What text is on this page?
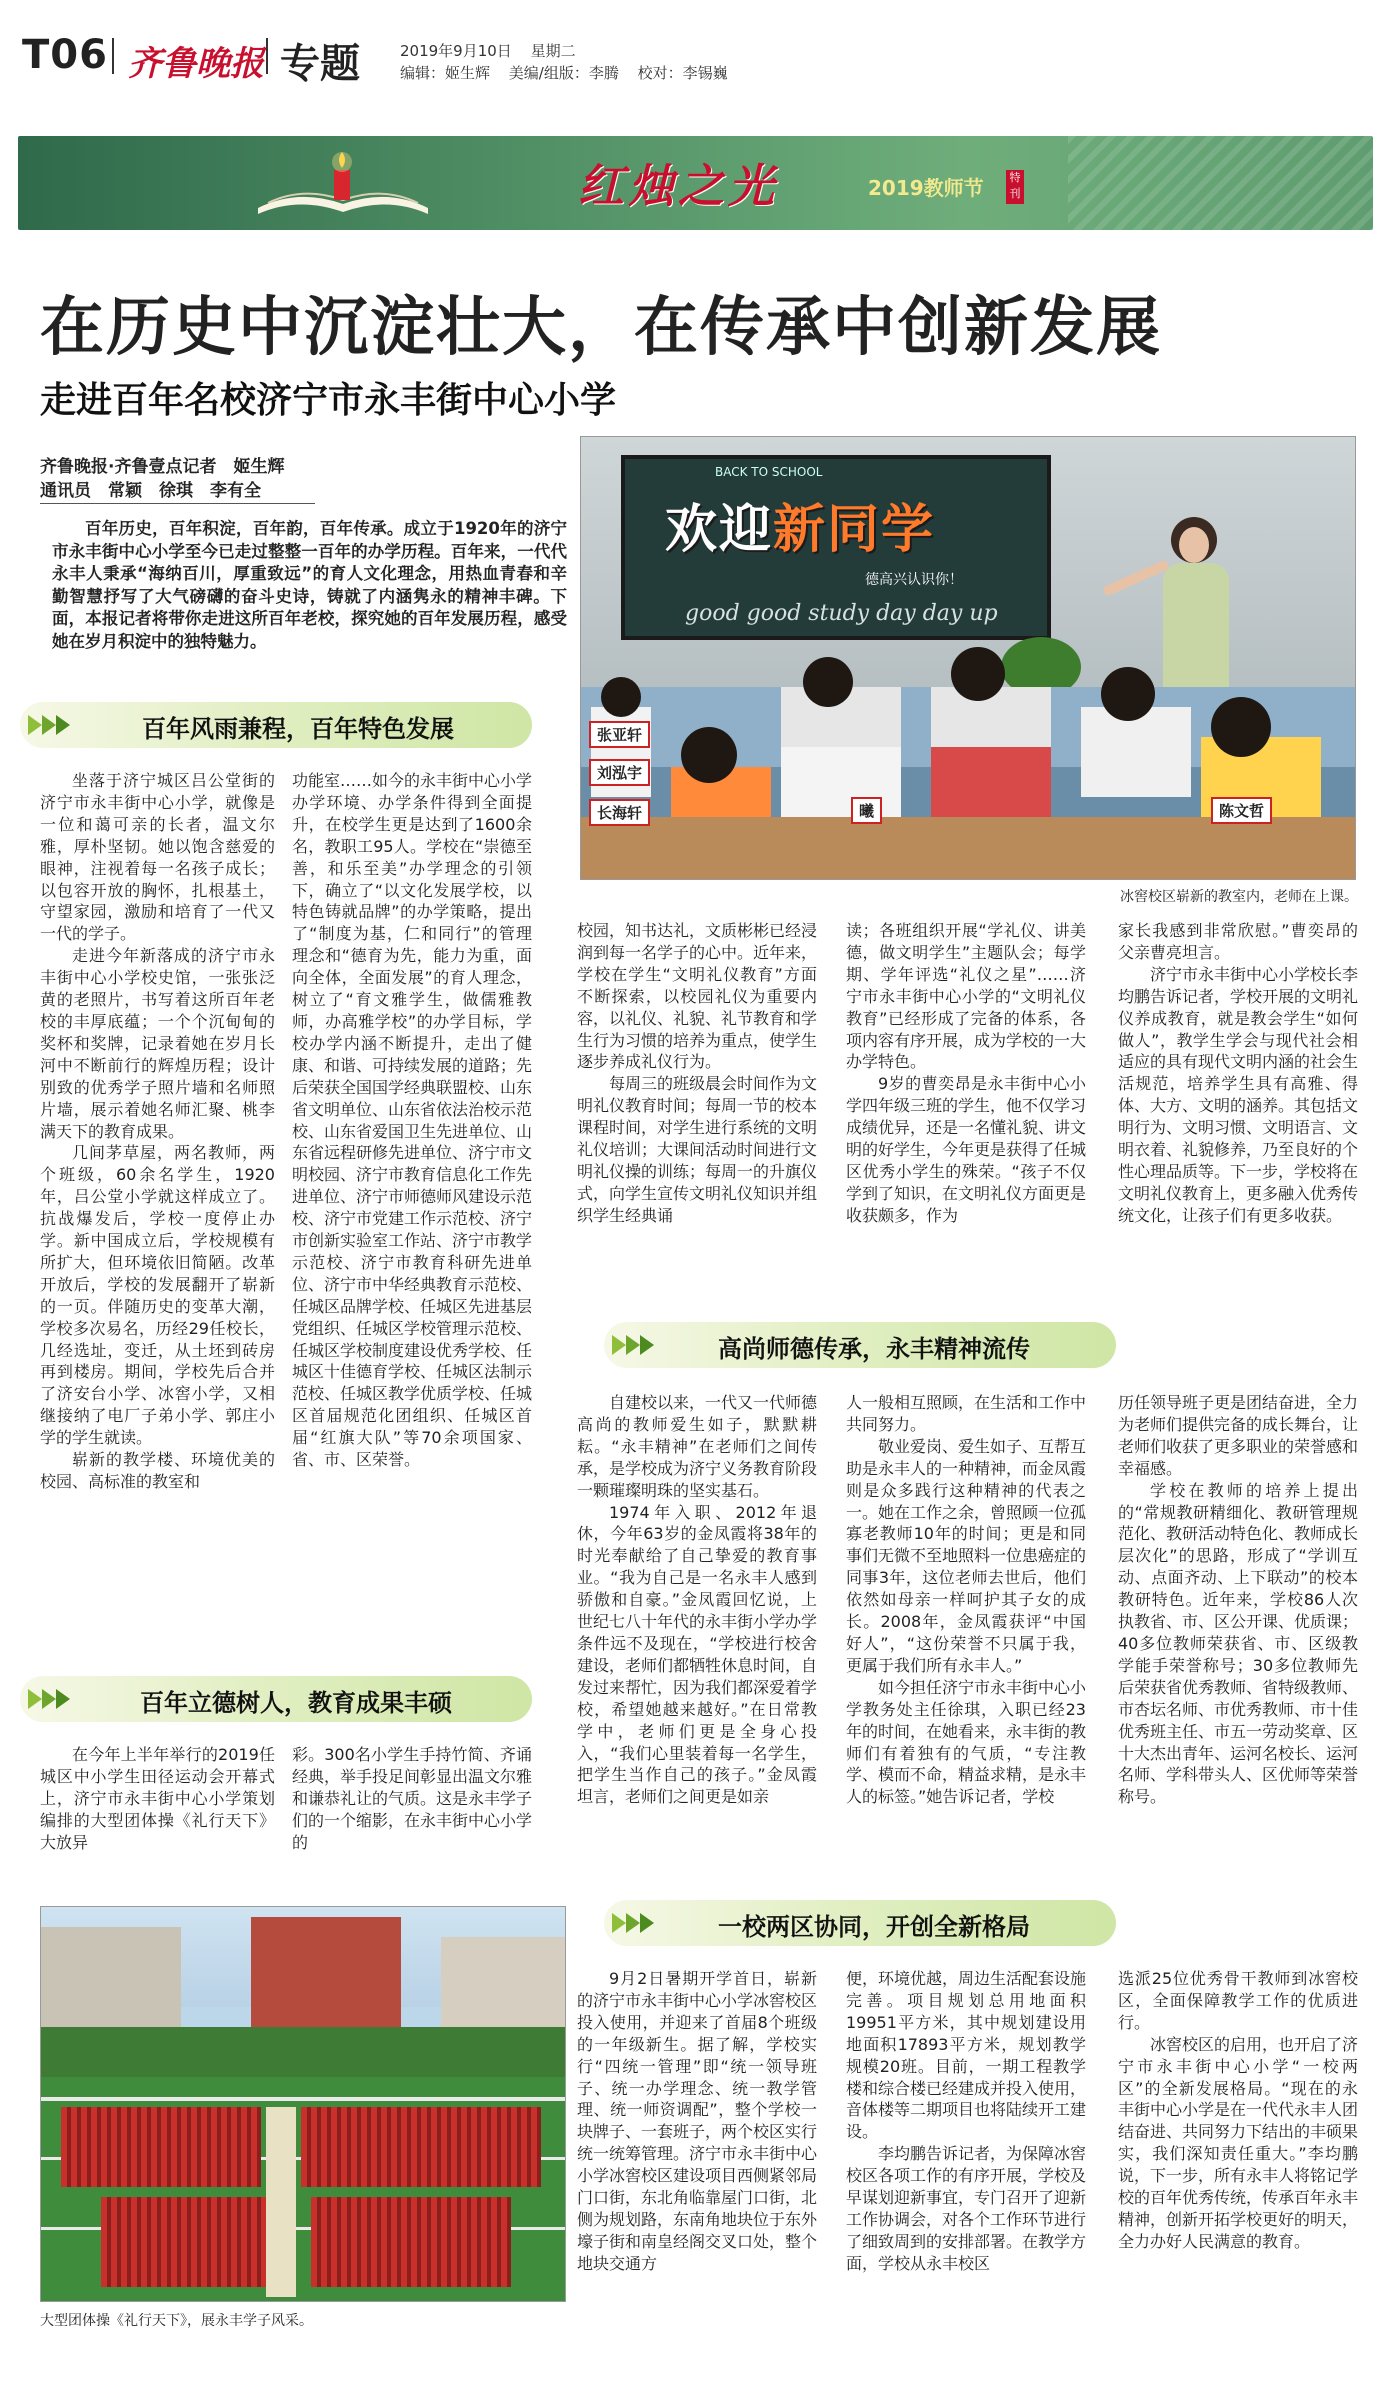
T06 齐鲁晚报 专题	2019年9月10日 星期二
编辑：姬生辉 美编/组版：李腾 校对：李锡巍
红烛之光	2019教师节	特刊
在历史中沉淀壮大，在传承中创新发展
走进百年名校济宁市永丰街中心小学
齐鲁晚报·齐鲁壹点记者　姬生辉
通讯员　常颖　徐琪　李有全
百年历史，百年积淀，百年韵，百年传承。成立于1920年的济宁市永丰街中心小学至今已走过整整一百年的办学历程。百年来，一代代永丰人秉承“海纳百川，厚重致远”的育人文化理念，用热血青春和辛勤智慧抒写了大气磅礴的奋斗史诗，铸就了内涵隽永的精神丰碑。下面，本报记者将带你走进这所百年老校，探究她的百年发展历程，感受她在岁月积淀中的独特魅力。
BACK TO SCHOOL
欢迎新同学
德高兴认识你！
good good study day day up
张亚轩
刘泓宇
长海轩	曦	陈文哲
冰窖校区崭新的教室内，老师在上课。
百年风雨兼程，百年特色发展

坐落于济宁城区吕公堂街的济宁市永丰街中心小学，就像是一位和蔼可亲的长者，温文尔雅，厚朴坚韧。她以饱含慈爱的眼神，注视着每一名孩子成长；以包容开放的胸怀，扎根基土，守望家园，激励和培育了一代又一代的学子。

走进今年新落成的济宁市永丰街中心小学校史馆，一张张泛黄的老照片，书写着这所百年老校的丰厚底蕴；一个个沉甸甸的奖杯和奖牌，记录着她在岁月长河中不断前行的辉煌历程；设计别致的优秀学子照片墙和名师照片墙，展示着她名师汇聚、桃李满天下的教育成果。

几间茅草屋，两名教师，两个班级，60余名学生，1920年，吕公堂小学就这样成立了。抗战爆发后，学校一度停止办学。新中国成立后，学校规模有所扩大，但环境依旧简陋。改革开放后，学校的发展翻开了崭新的一页。伴随历史的变革大潮，学校多次易名，历经29任校长，几经选址，变迁，从土坯到砖房再到楼房。期间，学校先后合并了济安台小学、冰窖小学，又相继接纳了电厂子弟小学、郭庄小学的学生就读。

崭新的教学楼、环境优美的校园、高标准的教室和

功能室……如今的永丰街中心小学办学环境、办学条件得到全面提升，在校学生更是达到了1600余名，教职工95人。学校在“崇德至善，和乐至美”办学理念的引领下，确立了“以文化发展学校，以特色铸就品牌”的办学策略，提出了“制度为基，仁和同行”的管理理念和“德育为先，能力为重，面向全体，全面发展”的育人理念，树立了“育文雅学生，做儒雅教师，办高雅学校”的办学目标，学校办学内涵不断提升，走出了健康、和谐、可持续发展的道路；先后荣获全国国学经典联盟校、山东省文明单位、山东省依法治校示范校、山东省爱国卫生先进单位、山东省远程研修先进单位、济宁市文明校园、济宁市教育信息化工作先进单位、济宁市师德师风建设示范校、济宁市党建工作示范校、济宁市创新实验室工作站、济宁市教学示范校、济宁市教育科研先进单位、济宁市中华经典教育示范校、任城区品牌学校、任城区先进基层党组织、任城区学校管理示范校、任城区学校制度建设优秀学校、任城区十佳德育学校、任城区法制示范校、任城区教学优质学校、任城区首届规范化团组织、任城区首届“红旗大队”等70余项国家、省、市、区荣誉。

校园，知书达礼，文质彬彬已经浸润到每一名学子的心中。近年来，学校在学生“文明礼仪教育”方面不断探索，以校园礼仪为重要内容，以礼仪、礼貌、礼节教育和学生行为习惯的培养为重点，使学生逐步养成礼仪行为。

每周三的班级晨会时间作为文明礼仪教育时间；每周一节的校本课程时间，对学生进行系统的文明礼仪培训；大课间活动时间进行文明礼仪操的训练；每周一的升旗仪式，向学生宣传文明礼仪知识并组织学生经典诵

读；各班组织开展“学礼仪、讲美德，做文明学生”主题队会；每学期、学年评选“礼仪之星”……济宁市永丰街中心小学的“文明礼仪教育”已经形成了完备的体系，各项内容有序开展，成为学校的一大办学特色。

9岁的曹奕昂是永丰街中心小学四年级三班的学生，他不仅学习成绩优异，还是一名懂礼貌、讲文明的好学生，今年更是获得了任城区优秀小学生的殊荣。“孩子不仅学到了知识，在文明礼仪方面更是收获颇多，作为

家长我感到非常欣慰。”曹奕昂的父亲曹亮坦言。

济宁市永丰街中心小学校长李均鹏告诉记者，学校开展的文明礼仪养成教育，就是教会学生“如何做人”，教学生学会与现代社会相适应的具有现代文明内涵的社会生活规范，培养学生具有高雅、得体、大方、文明的涵养。其包括文明行为、文明习惯、文明语言、文明衣着、礼貌修养，乃至良好的个性心理品质等。下一步，学校将在文明礼仪教育上，更多融入优秀传统文化，让孩子们有更多收获。

高尚师德传承，永丰精神流传

自建校以来，一代又一代师德高尚的教师爱生如子，默默耕耘。“永丰精神”在老师们之间传承，是学校成为济宁义务教育阶段一颗璀璨明珠的坚实基石。

1974年入职、2012年退休，今年63岁的金凤霞将38年的时光奉献给了自己挚爱的教育事业。“我为自己是一名永丰人感到骄傲和自豪。”金凤霞回忆说，上世纪七八十年代的永丰街小学办学条件远不及现在，“学校进行校舍建设，老师们都牺牲休息时间，自发过来帮忙，因为我们都深爱着学校，希望她越来越好。”在日常教学中，老师们更是全身心投入，“我们心里装着每一名学生，把学生当作自己的孩子。”金凤霞坦言，老师们之间更是如亲

人一般相互照顾，在生活和工作中共同努力。

敬业爱岗、爱生如子、互帮互助是永丰人的一种精神，而金凤霞则是众多践行这种精神的代表之一。她在工作之余，曾照顾一位孤寡老教师10年的时间；更是和同事们无微不至地照料一位患癌症的同事3年，这位老师去世后，他们依然如母亲一样呵护其子女的成长。2008年，金凤霞获评“中国好人”，“这份荣誉不只属于我，更属于我们所有永丰人。”

如今担任济宁市永丰街中心小学教务处主任徐琪，入职已经23年的时间，在她看来，永丰街的教师们有着独有的气质，“专注教学、模而不命，精益求精，是永丰人的标签。”她告诉记者，学校

历任领导班子更是团结奋进，全力为老师们提供完备的成长舞台，让老师们收获了更多职业的荣誉感和幸福感。

学校在教师的培养上提出的“常规教研精细化、教研管理规范化、教研活动特色化、教师成长层次化”的思路，形成了“学训互动、点面齐动、上下联动”的校本教研特色。近年来，学校86人次执教省、市、区公开课、优质课；40多位教师荣获省、市、区级教学能手荣誉称号；30多位教师先后荣获省优秀教师、省特级教师、市杏坛名师、市优秀教师、市十佳优秀班主任、市五一劳动奖章、区十大杰出青年、运河名校长、运河名师、学科带头人、区优师等荣誉称号。

百年立德树人，教育成果丰硕

在今年上半年举行的2019任城区中小学生田径运动会开幕式上，济宁市永丰街中心小学策划编排的大型团体操《礼行天下》大放异

彩。300名小学生手持竹简、齐诵经典，举手投足间彰显出温文尔雅和谦恭礼让的气质。这是永丰学子们的一个缩影，在永丰街中心小学的

大型团体操《礼行天下》，展永丰学子风采。
一校两区协同，开创全新格局

9月2日暑期开学首日，崭新的济宁市永丰街中心小学冰窖校区投入使用，并迎来了首届8个班级的一年级新生。据了解，学校实行“四统一管理”即“统一领导班子、统一办学理念、统一教学管理、统一师资调配”，整个学校一块牌子、一套班子，两个校区实行统一统筹管理。济宁市永丰街中心小学冰窖校区建设项目西侧紧邻局门口街，东北角临靠屋门口街，北侧为规划路，东南角地块位于东外壕子街和南皇经阁交叉口处，整个地块交通方

便，环境优越，周边生活配套设施完善。项目规划总用地面积19951平方米，其中规划建设用地面积17893平方米，规划教学规模20班。目前，一期工程教学楼和综合楼已经建成并投入使用，音体楼等二期项目也将陆续开工建设。

李均鹏告诉记者，为保障冰窖校区各项工作的有序开展，学校及早谋划迎新事宜，专门召开了迎新工作协调会，对各个工作环节进行了细致周到的安排部署。在教学方面，学校从永丰校区

选派25位优秀骨干教师到冰窖校区，全面保障教学工作的优质进行。

冰窖校区的启用，也开启了济宁市永丰街中心小学“一校两区”的全新发展格局。“现在的永丰街中心小学是在一代代永丰人团结奋进、共同努力下结出的丰硕果实，我们深知责任重大。”李均鹏说，下一步，所有永丰人将铭记学校的百年优秀传统，传承百年永丰精神，创新开拓学校更好的明天，全力办好人民满意的教育。
